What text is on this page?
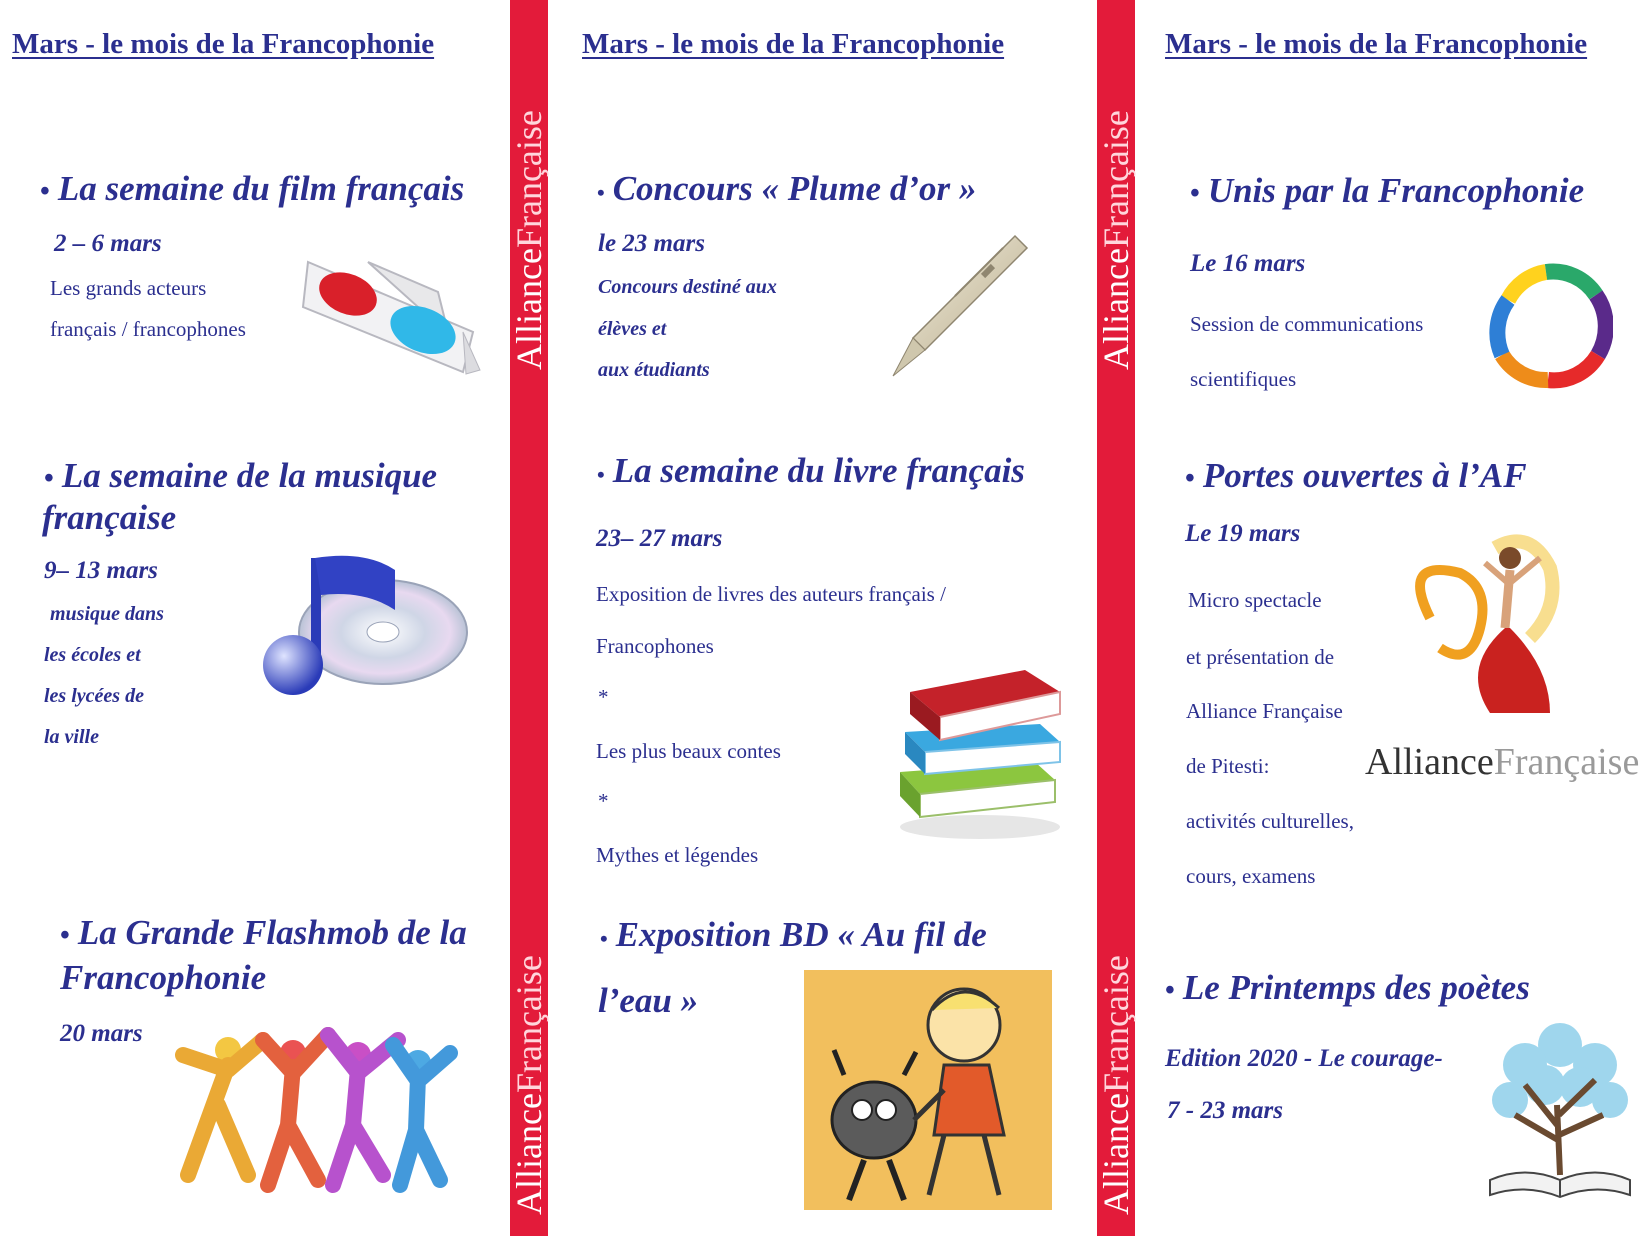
AllianceFrançaise
AllianceFrançaise
AllianceFrançaise
AllianceFrançaise
Mars - le mois de la Francophonie	Mars - le mois de la Francophonie	Mars - le mois de la Francophonie
• La semaine du film français
2 – 6 mars
Les grands acteurs
français / francophones
• La semaine de la musique
française
9– 13 mars
musique dans
les écoles et
les lycées de
la ville
• La Grande Flashmob de la
Francophonie
20 mars
• Concours « Plume d’or »
le 23 mars
Concours destiné aux
élèves et
aux étudiants
• La semaine du livre français
23– 27 mars
Exposition de livres des auteurs français /
Francophones
*
Les plus beaux contes
*
Mythes et légendes
• Exposition BD « Au fil de
l’eau »
• Unis par la Francophonie
Le 16 mars
Session de communications
scientifiques
• Portes ouvertes à l’AF
Le 19 mars
Micro spectacle
et présentation de
Alliance Française
de Pitesti:
activités culturelles,
cours, examens
AllianceFrançaise
• Le Printemps des poètes
Edition 2020 - Le courage-
7 - 23 mars
